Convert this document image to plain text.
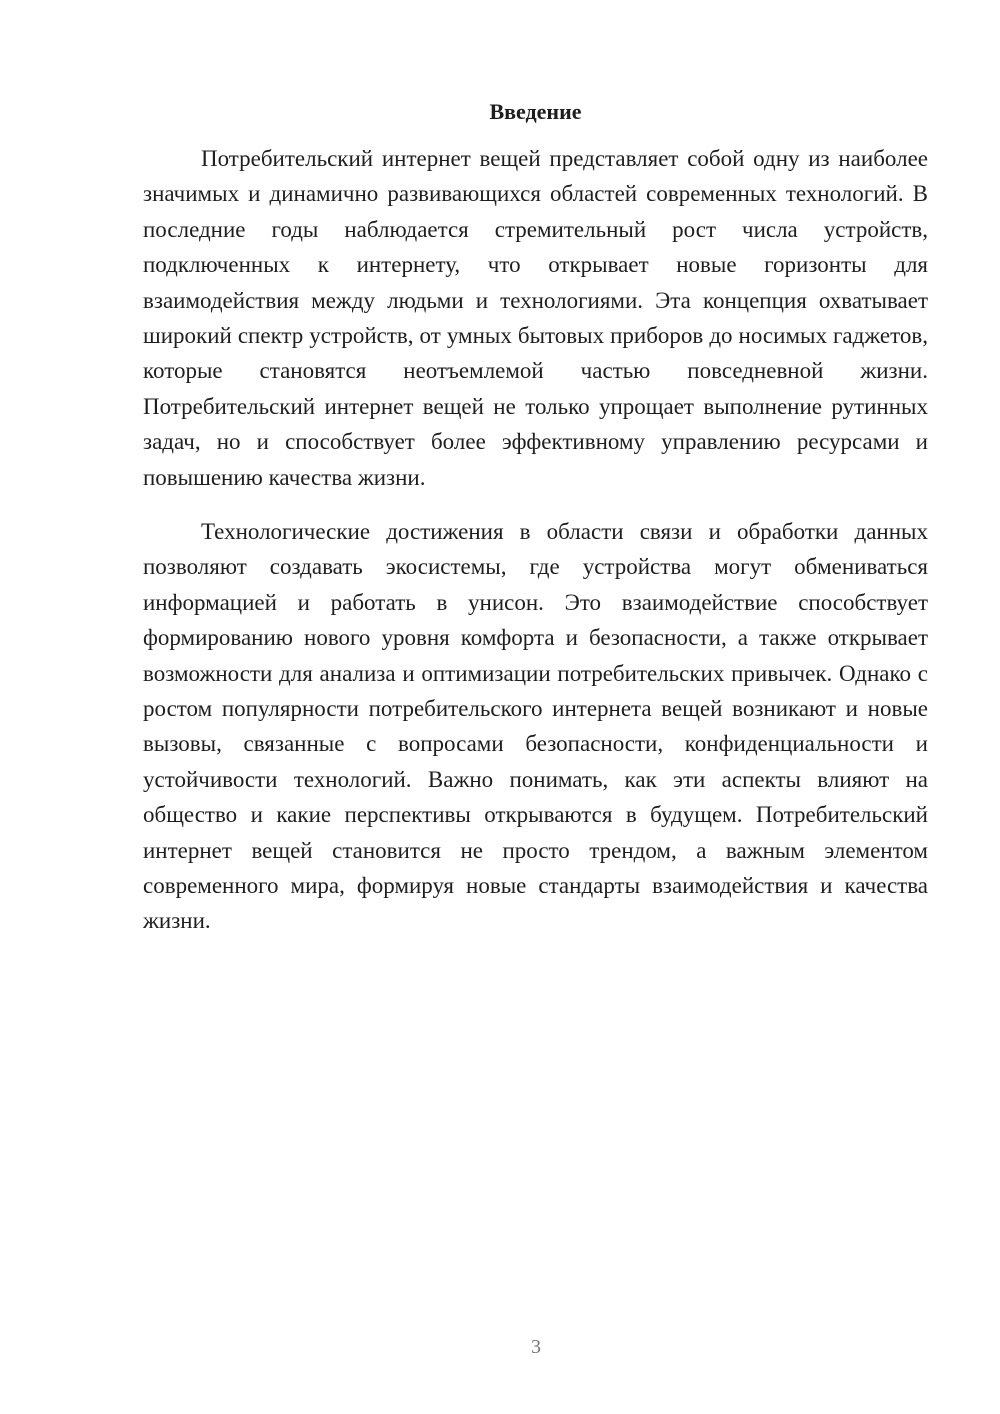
Введение

Потребительский интернет вещей представляет собой одну из наиболее значимых и динамично развивающихся областей современных технологий. В последние годы наблюдается стремительный рост числа устройств, подключенных к интернету, что открывает новые горизонты для взаимодействия между людьми и технологиями. Эта концепция охватывает широкий спектр устройств, от умных бытовых приборов до носимых гаджетов, которые становятся неотъемлемой частью повседневной жизни. Потребительский интернет вещей не только упрощает выполнение рутинных задач, но и способствует более эффективному управлению ресурсами и повышению качества жизни.

Технологические достижения в области связи и обработки данных позволяют создавать экосистемы, где устройства могут обмениваться информацией и работать в унисон. Это взаимодействие способствует формированию нового уровня комфорта и безопасности, а также открывает возможности для анализа и оптимизации потребительских привычек. Однако с ростом популярности потребительского интернета вещей возникают и новые вызовы, связанные с вопросами безопасности, конфиденциальности и устойчивости технологий. Важно понимать, как эти аспекты влияют на общество и какие перспективы открываются в будущем. Потребительский интернет вещей становится не просто трендом, а важным элементом современного мира, формируя новые стандарты взаимодействия и качества жизни.

3
